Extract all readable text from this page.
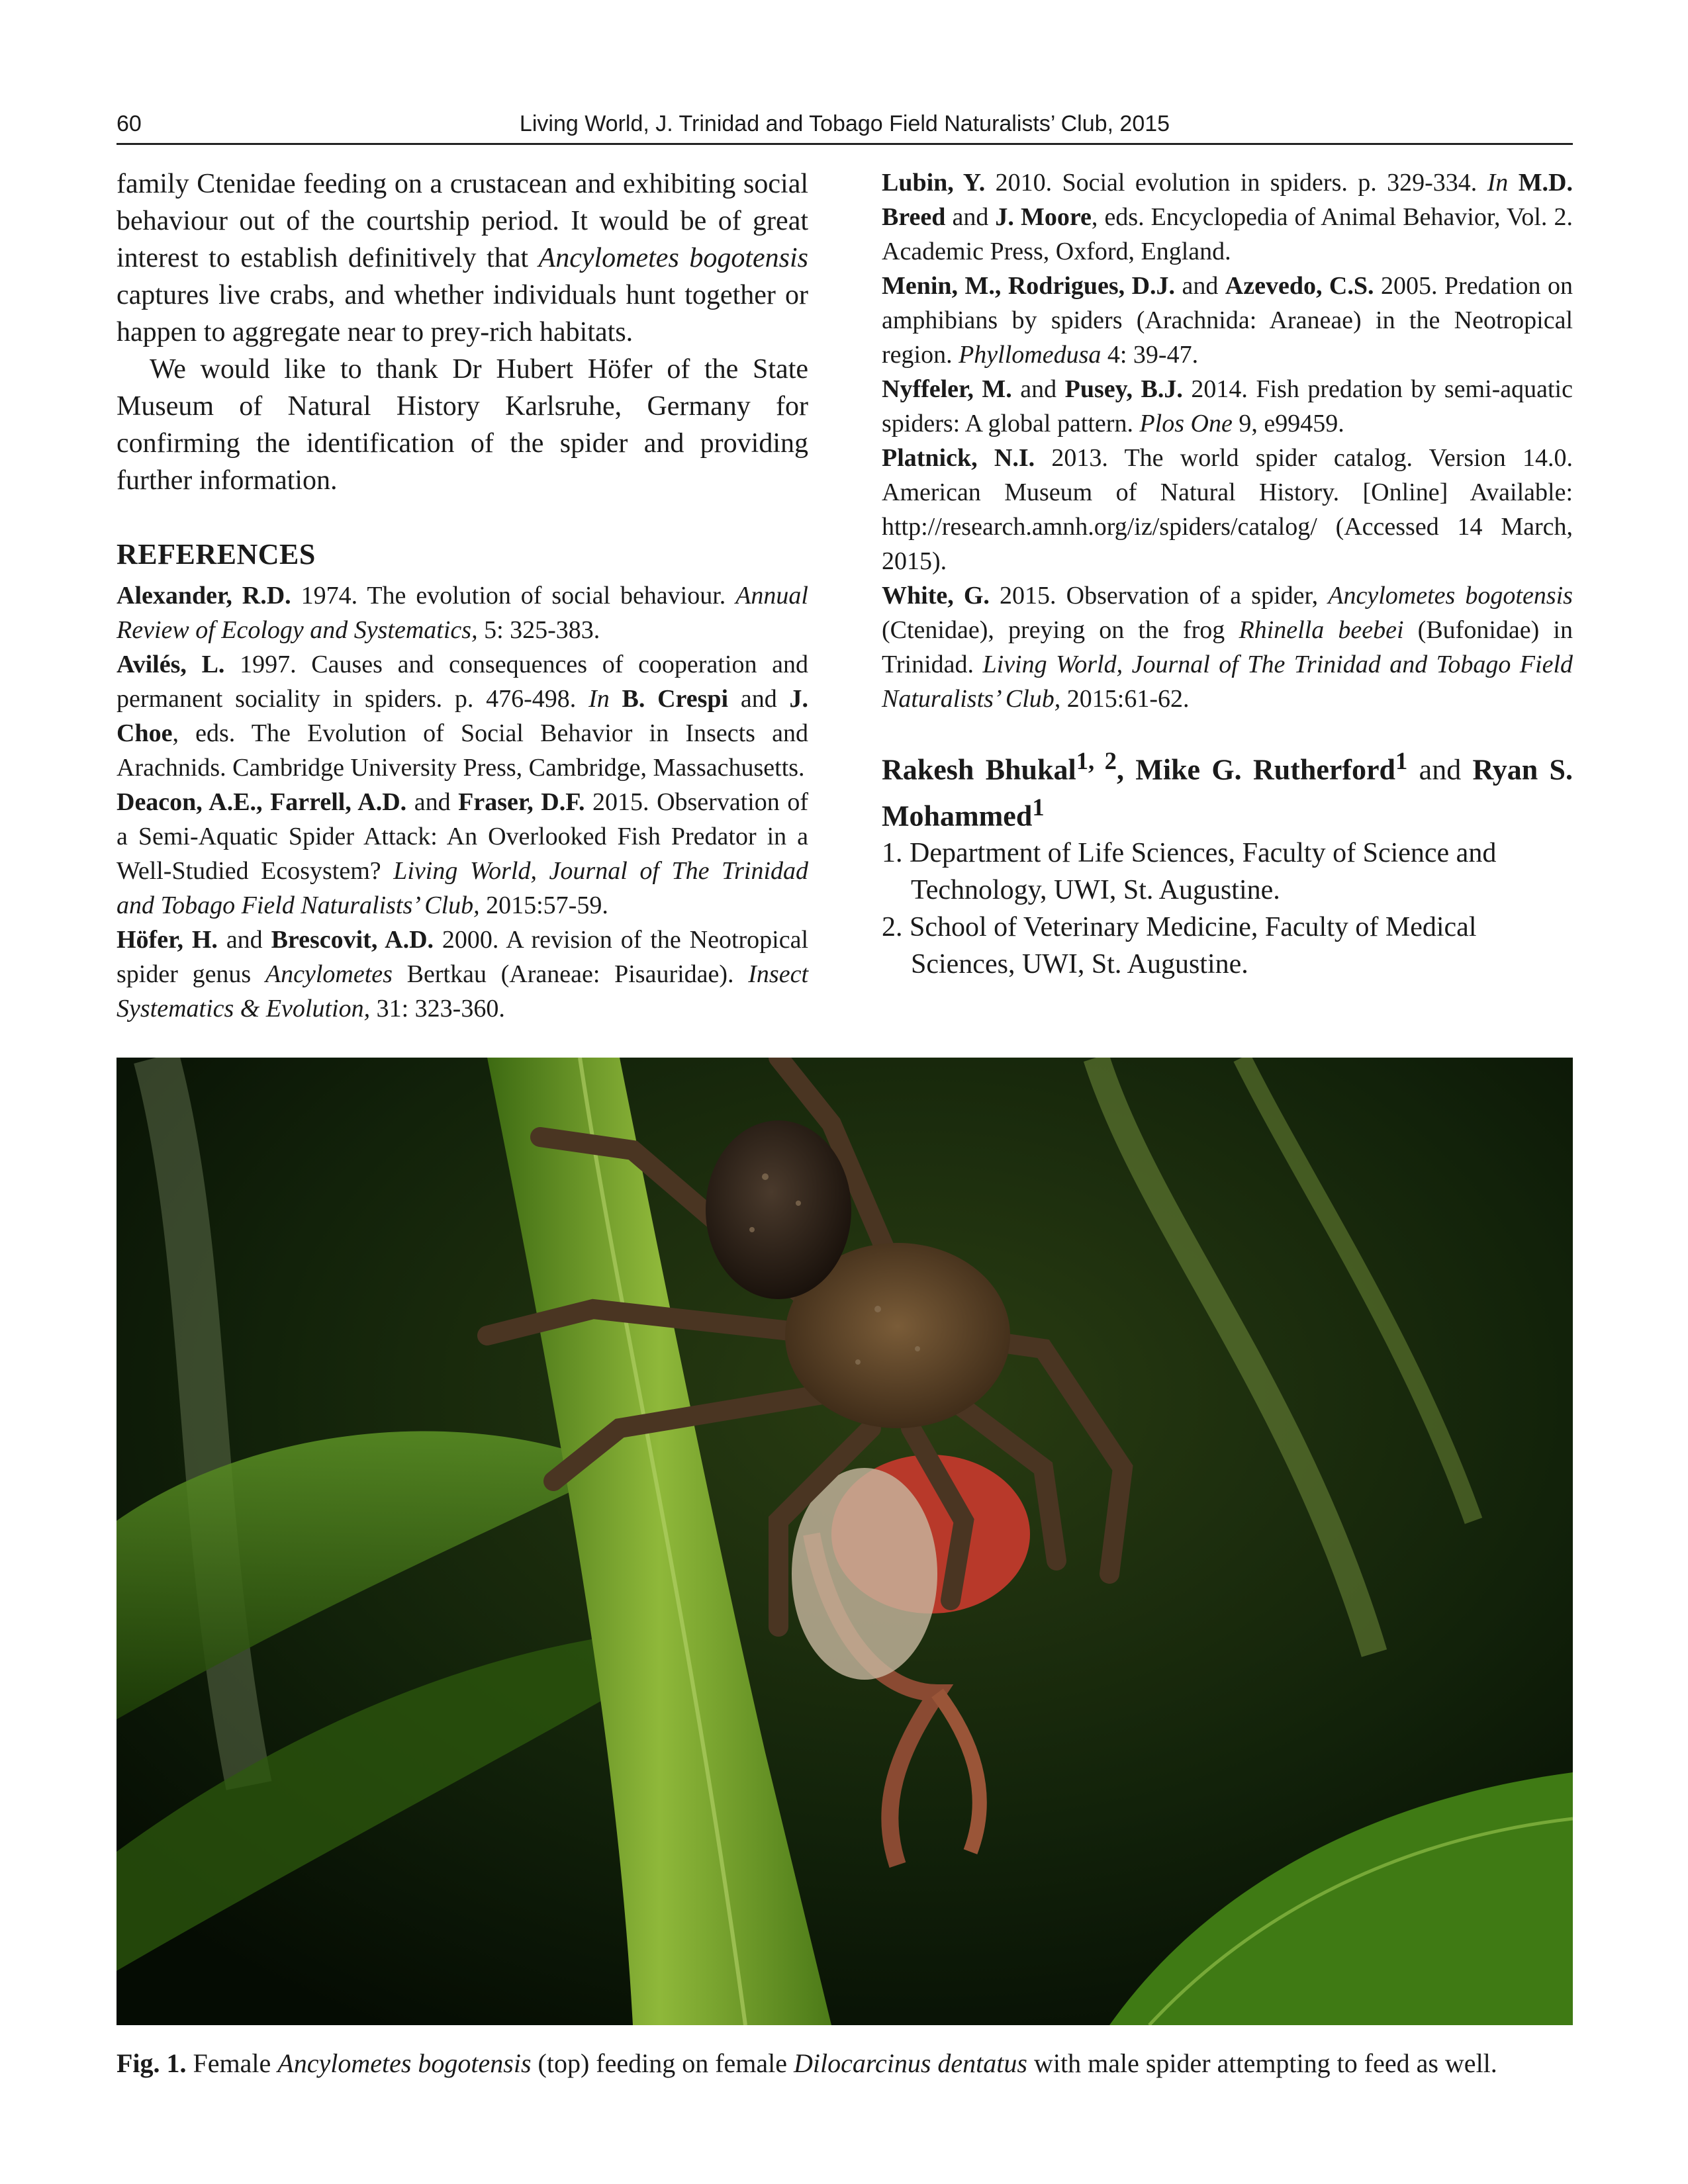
60	Living World, J. Trinidad and Tobago Field Naturalists’ Club, 2015

family Ctenidae feeding on a crustacean and exhibiting social behaviour out of the courtship period. It would be of great interest to establish definitively that Ancylometes bogotensis captures live crabs, and whether individuals hunt together or happen to aggregate near to prey-rich habitats.

We would like to thank Dr Hubert Höfer of the State Museum of Natural History Karlsruhe, Germany for confirming the identification of the spider and providing further information.

REFERENCES
Alexander, R.D. 1974. The evolution of social behaviour. Annual Review of Ecology and Systematics, 5: 325-383.
Avilés, L. 1997. Causes and consequences of cooperation and permanent sociality in spiders. p. 476-498. In B. Crespi and J. Choe, eds. The Evolution of Social Behavior in Insects and Arachnids. Cambridge University Press, Cambridge, Massachusetts.
Deacon, A.E., Farrell, A.D. and Fraser, D.F. 2015. Observation of a Semi-Aquatic Spider Attack: An Overlooked Fish Predator in a Well-Studied Ecosystem? Living World, Journal of The Trinidad and Tobago Field Naturalists’ Club, 2015:57-59.
Höfer, H. and Brescovit, A.D. 2000. A revision of the Neotropical spider genus Ancylometes Bertkau (Araneae: Pisauridae). Insect Systematics & Evolution, 31: 323-360.
Lubin, Y. 2010. Social evolution in spiders. p. 329-334. In M.D. Breed and J. Moore, eds. Encyclopedia of Animal Behavior, Vol. 2. Academic Press, Oxford, England.
Menin, M., Rodrigues, D.J. and Azevedo, C.S. 2005. Predation on amphibians by spiders (Arachnida: Araneae) in the Neotropical region. Phyllomedusa 4: 39-47.
Nyffeler, M. and Pusey, B.J. 2014. Fish predation by semi-aquatic spiders: A global pattern. Plos One 9, e99459.
Platnick, N.I. 2013. The world spider catalog. Version 14.0. American Museum of Natural History. [Online] Available: http://research.amnh.org/iz/spiders/catalog/ (Accessed 14 March, 2015).
White, G. 2015. Observation of a spider, Ancylometes bogotensis (Ctenidae), preying on the frog Rhinella beebei (Bufonidae) in Trinidad. Living World, Journal of The Trinidad and Tobago Field Naturalists’ Club, 2015:61-62.
Rakesh Bhukal$^{1, 2}$, Mike G. Rutherford$^1$ and Ryan S. Mohammed$^1$
1. Department of Life Sciences, Faculty of Science and
Technology, UWI, St. Augustine.
2. School of Veterinary Medicine, Faculty of Medical
Sciences, UWI, St. Augustine.
Fig. 1. Female Ancylometes bogotensis (top) feeding on female Dilocarcinus dentatus with male spider attempting to feed as well.
